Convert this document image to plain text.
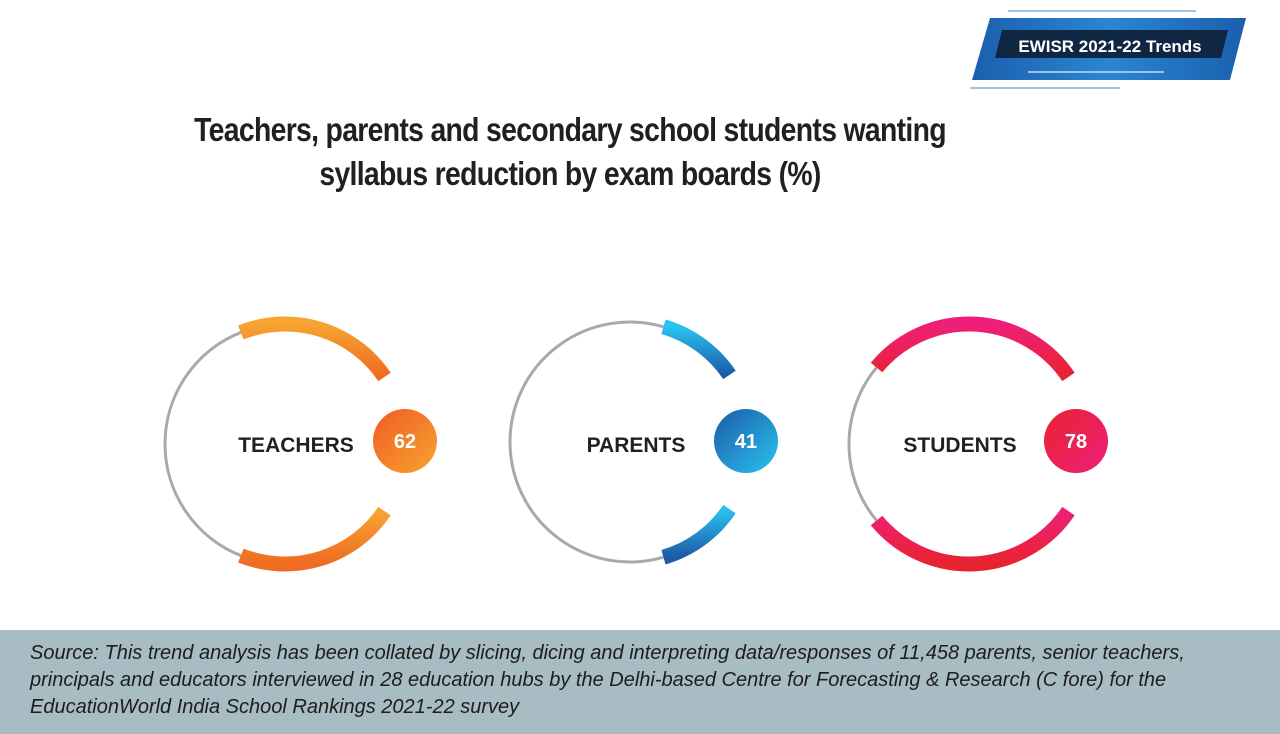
EWISR 2021-22 Trends
Teachers, parents and secondary school students wanting
syllabus reduction by exam boards (%)
TEACHERS 62	PARENTS 41	STUDENTS 78
Source: This trend analysis has been collated by slicing, dicing and interpreting data/responses of 11,458 parents, senior teachers, principals and educators interviewed in 28 education hubs by the Delhi-based Centre for Forecasting & Research (C fore) for the EducationWorld India School Rankings 2021-22 survey
